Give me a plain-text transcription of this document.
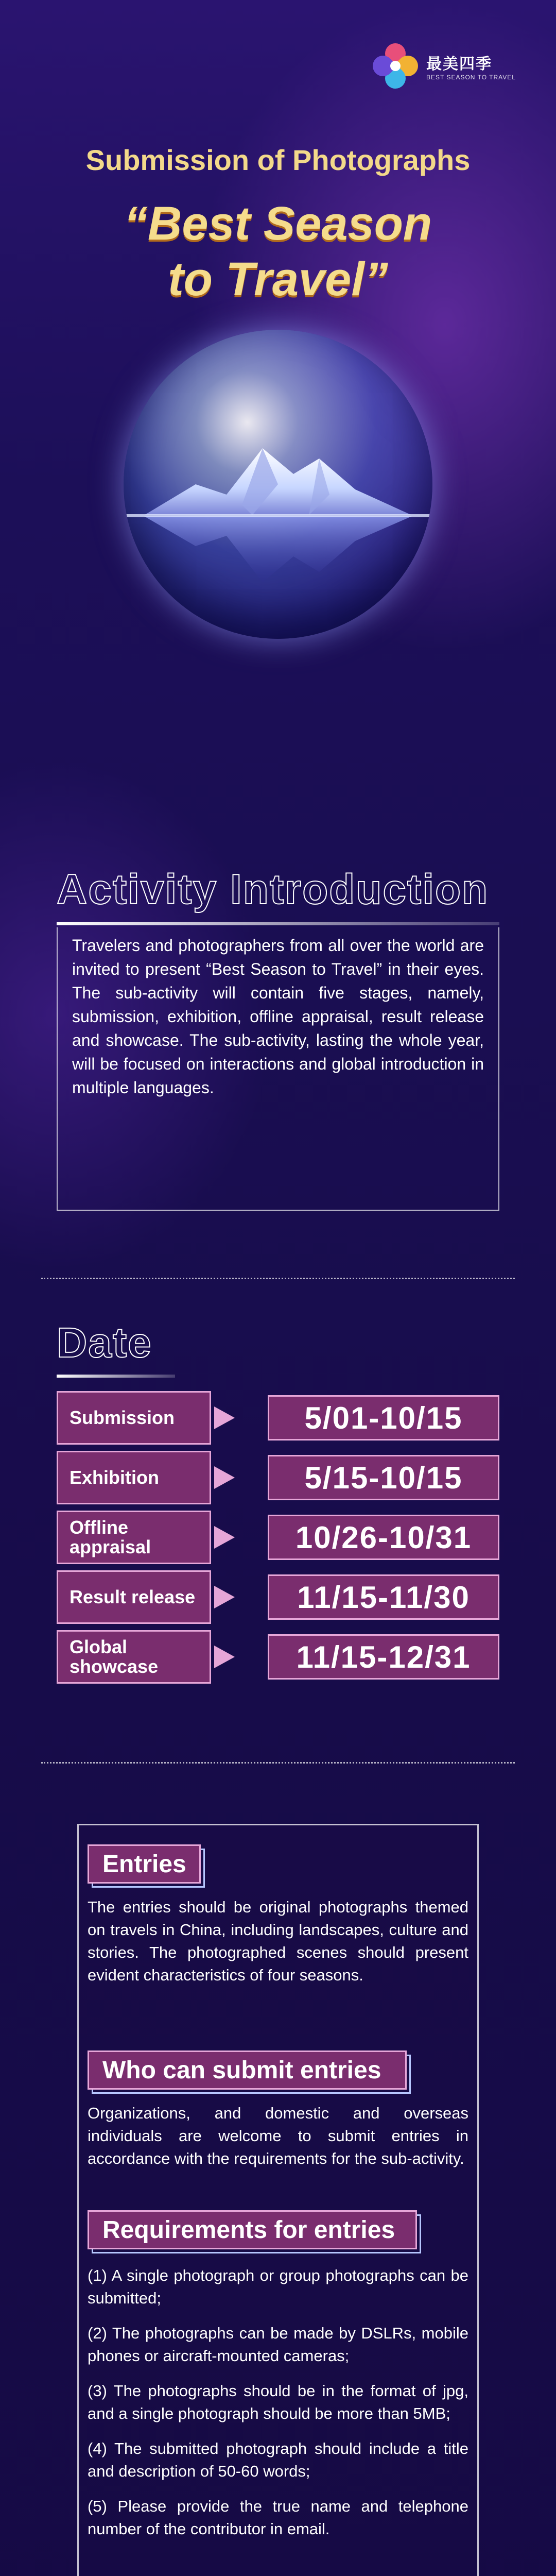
最美四季
BEST SEASON TO TRAVEL
Submission of Photographs
“Best Season
to Travel”
Activity Introduction
Travelers and photographers from all over the world are invited to present “Best Season to Travel” in their eyes. The sub-activity will contain five stages, namely, submission, exhibition, offline appraisal, result release and showcase. The sub-activity, lasting the whole year, will be focused on interactions and global introduction in multiple languages.
Date
Submission	5/01-10/15
Exhibition	5/15-10/15
Offline appraisal	10/26-10/31
Result release	11/15-11/30
Global showcase	11/15-12/31
Entries

The entries should be original photographs themed on travels in China, including landscapes, culture and stories. The photographed scenes should present evident characteristics of four seasons.

Who can submit entries

Organizations, and domestic and overseas individuals are welcome to submit entries in accordance with the requirements for the sub-activity.

Requirements for entries

(1) A single photograph or group photographs can be submitted;

(2) The photographs can be made by DSLRs, mobile phones or aircraft-mounted cameras;

(3) The photographs should be in the format of jpg, and a single photograph should be more than 5MB;

(4) The submitted photograph should include a title and description of 50-60 words;

(5) Please provide the true name and telephone number of the contributor in email.
